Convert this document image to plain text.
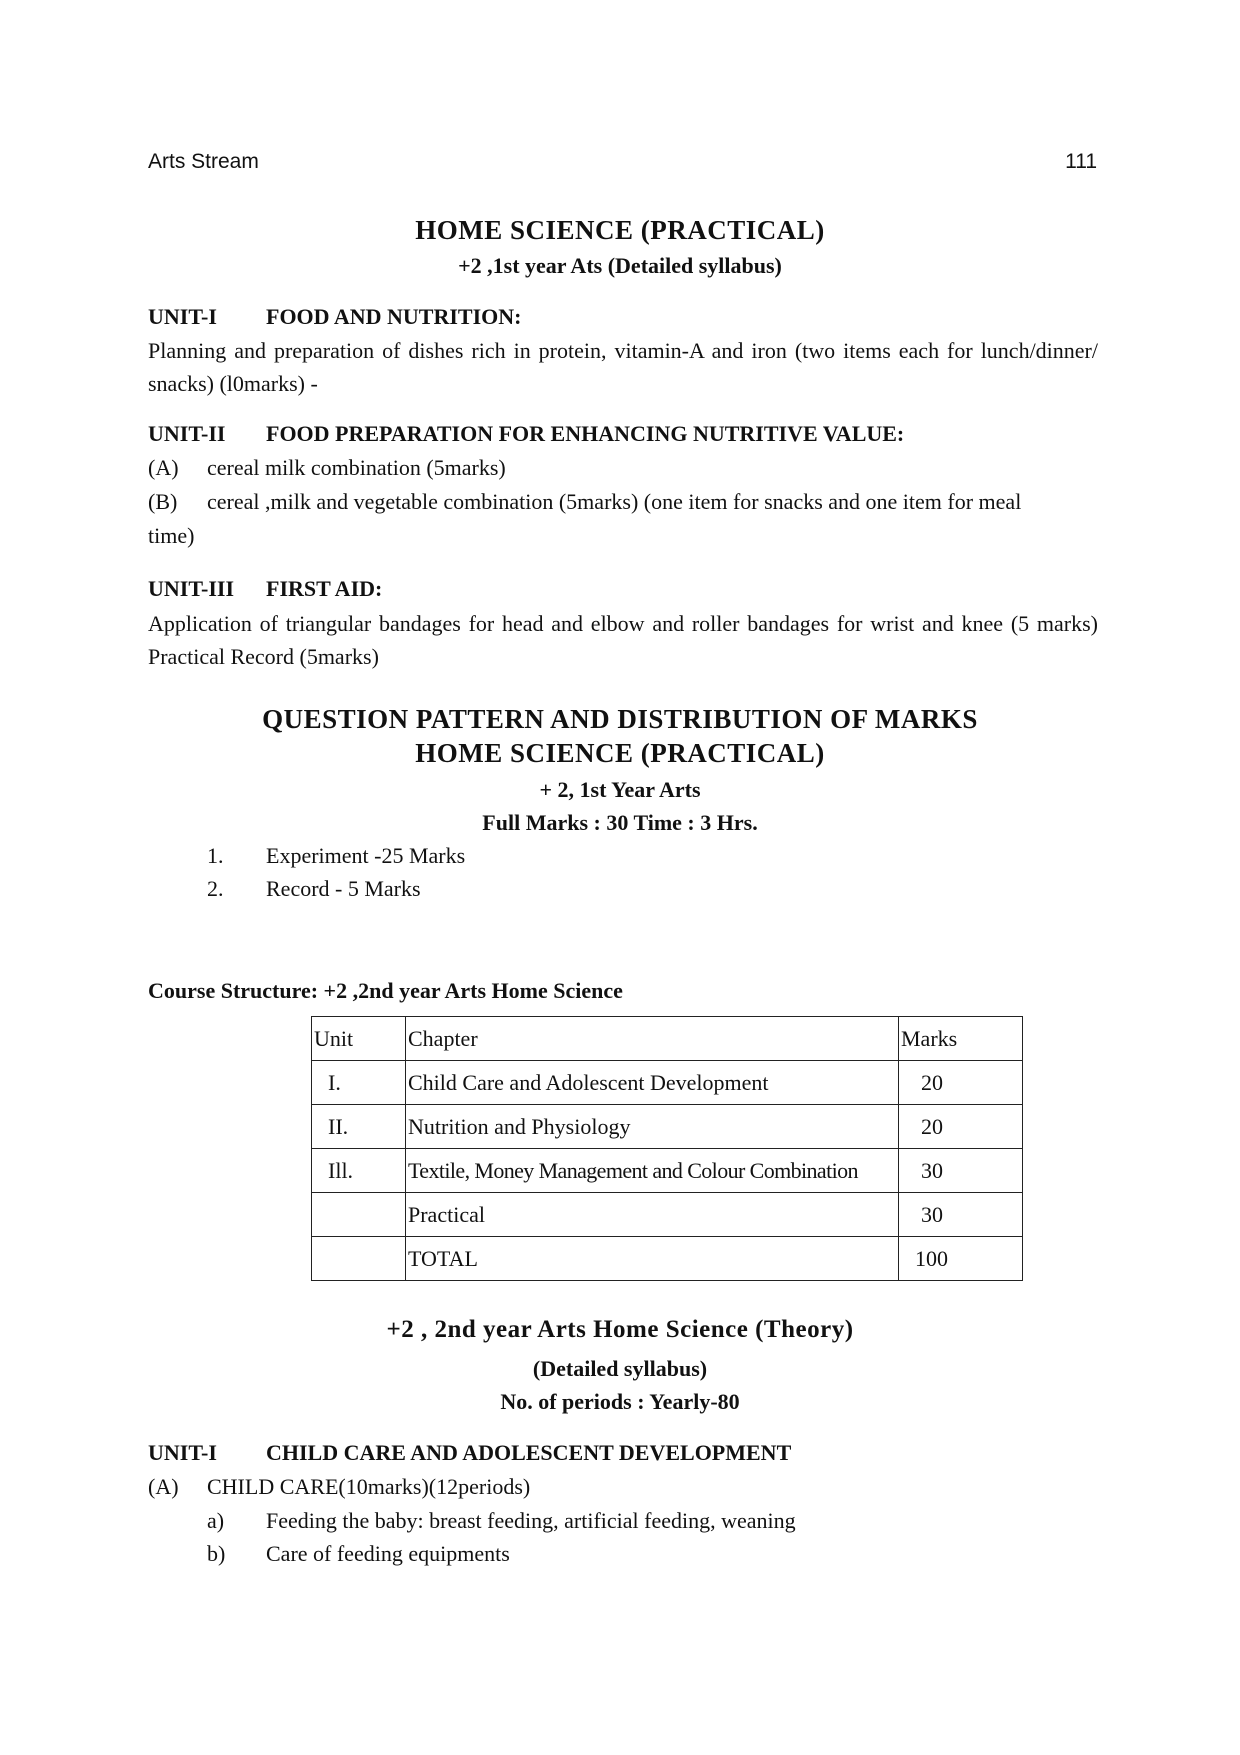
Arts Stream	111
HOME SCIENCE (PRACTICAL)
+2 ,1st year Ats (Detailed syllabus)
UNIT-I FOOD AND NUTRITION:
Planning and preparation of dishes rich in protein, vitamin-A and iron (two items each for lunch/dinner/ snacks) (l0marks) -
UNIT-II FOOD PREPARATION FOR ENHANCING NUTRITIVE VALUE:
(A) cereal milk combination (5marks)
(B) cereal ,milk and vegetable combination (5marks) (one item for snacks and one item for meal
time)
UNIT-III FIRST AID:
Application of triangular bandages for head and elbow and roller bandages for wrist and knee (5 marks) Practical Record (5marks)
QUESTION PATTERN AND DISTRIBUTION OF MARKS
HOME SCIENCE (PRACTICAL)
+ 2, 1st Year Arts
Full Marks : 30 Time : 3 Hrs.
1. Experiment -25 Marks
2. Record - 5 Marks
Course Structure: +2 ,2nd year Arts Home Science
Unit	Chapter	Marks
I.	Child Care and Adolescent Development	20
II.	Nutrition and Physiology	20
Ill.	Textile, Money Management and Colour Combination	30
	Practical	30
	TOTAL	100
+2 , 2nd year Arts Home Science (Theory)
(Detailed syllabus)
No. of periods : Yearly-80
UNIT-I CHILD CARE AND ADOLESCENT DEVELOPMENT
(A) CHILD CARE(10marks)(12periods)
a) Feeding the baby: breast feeding, artificial feeding, weaning
b) Care of feeding equipments
